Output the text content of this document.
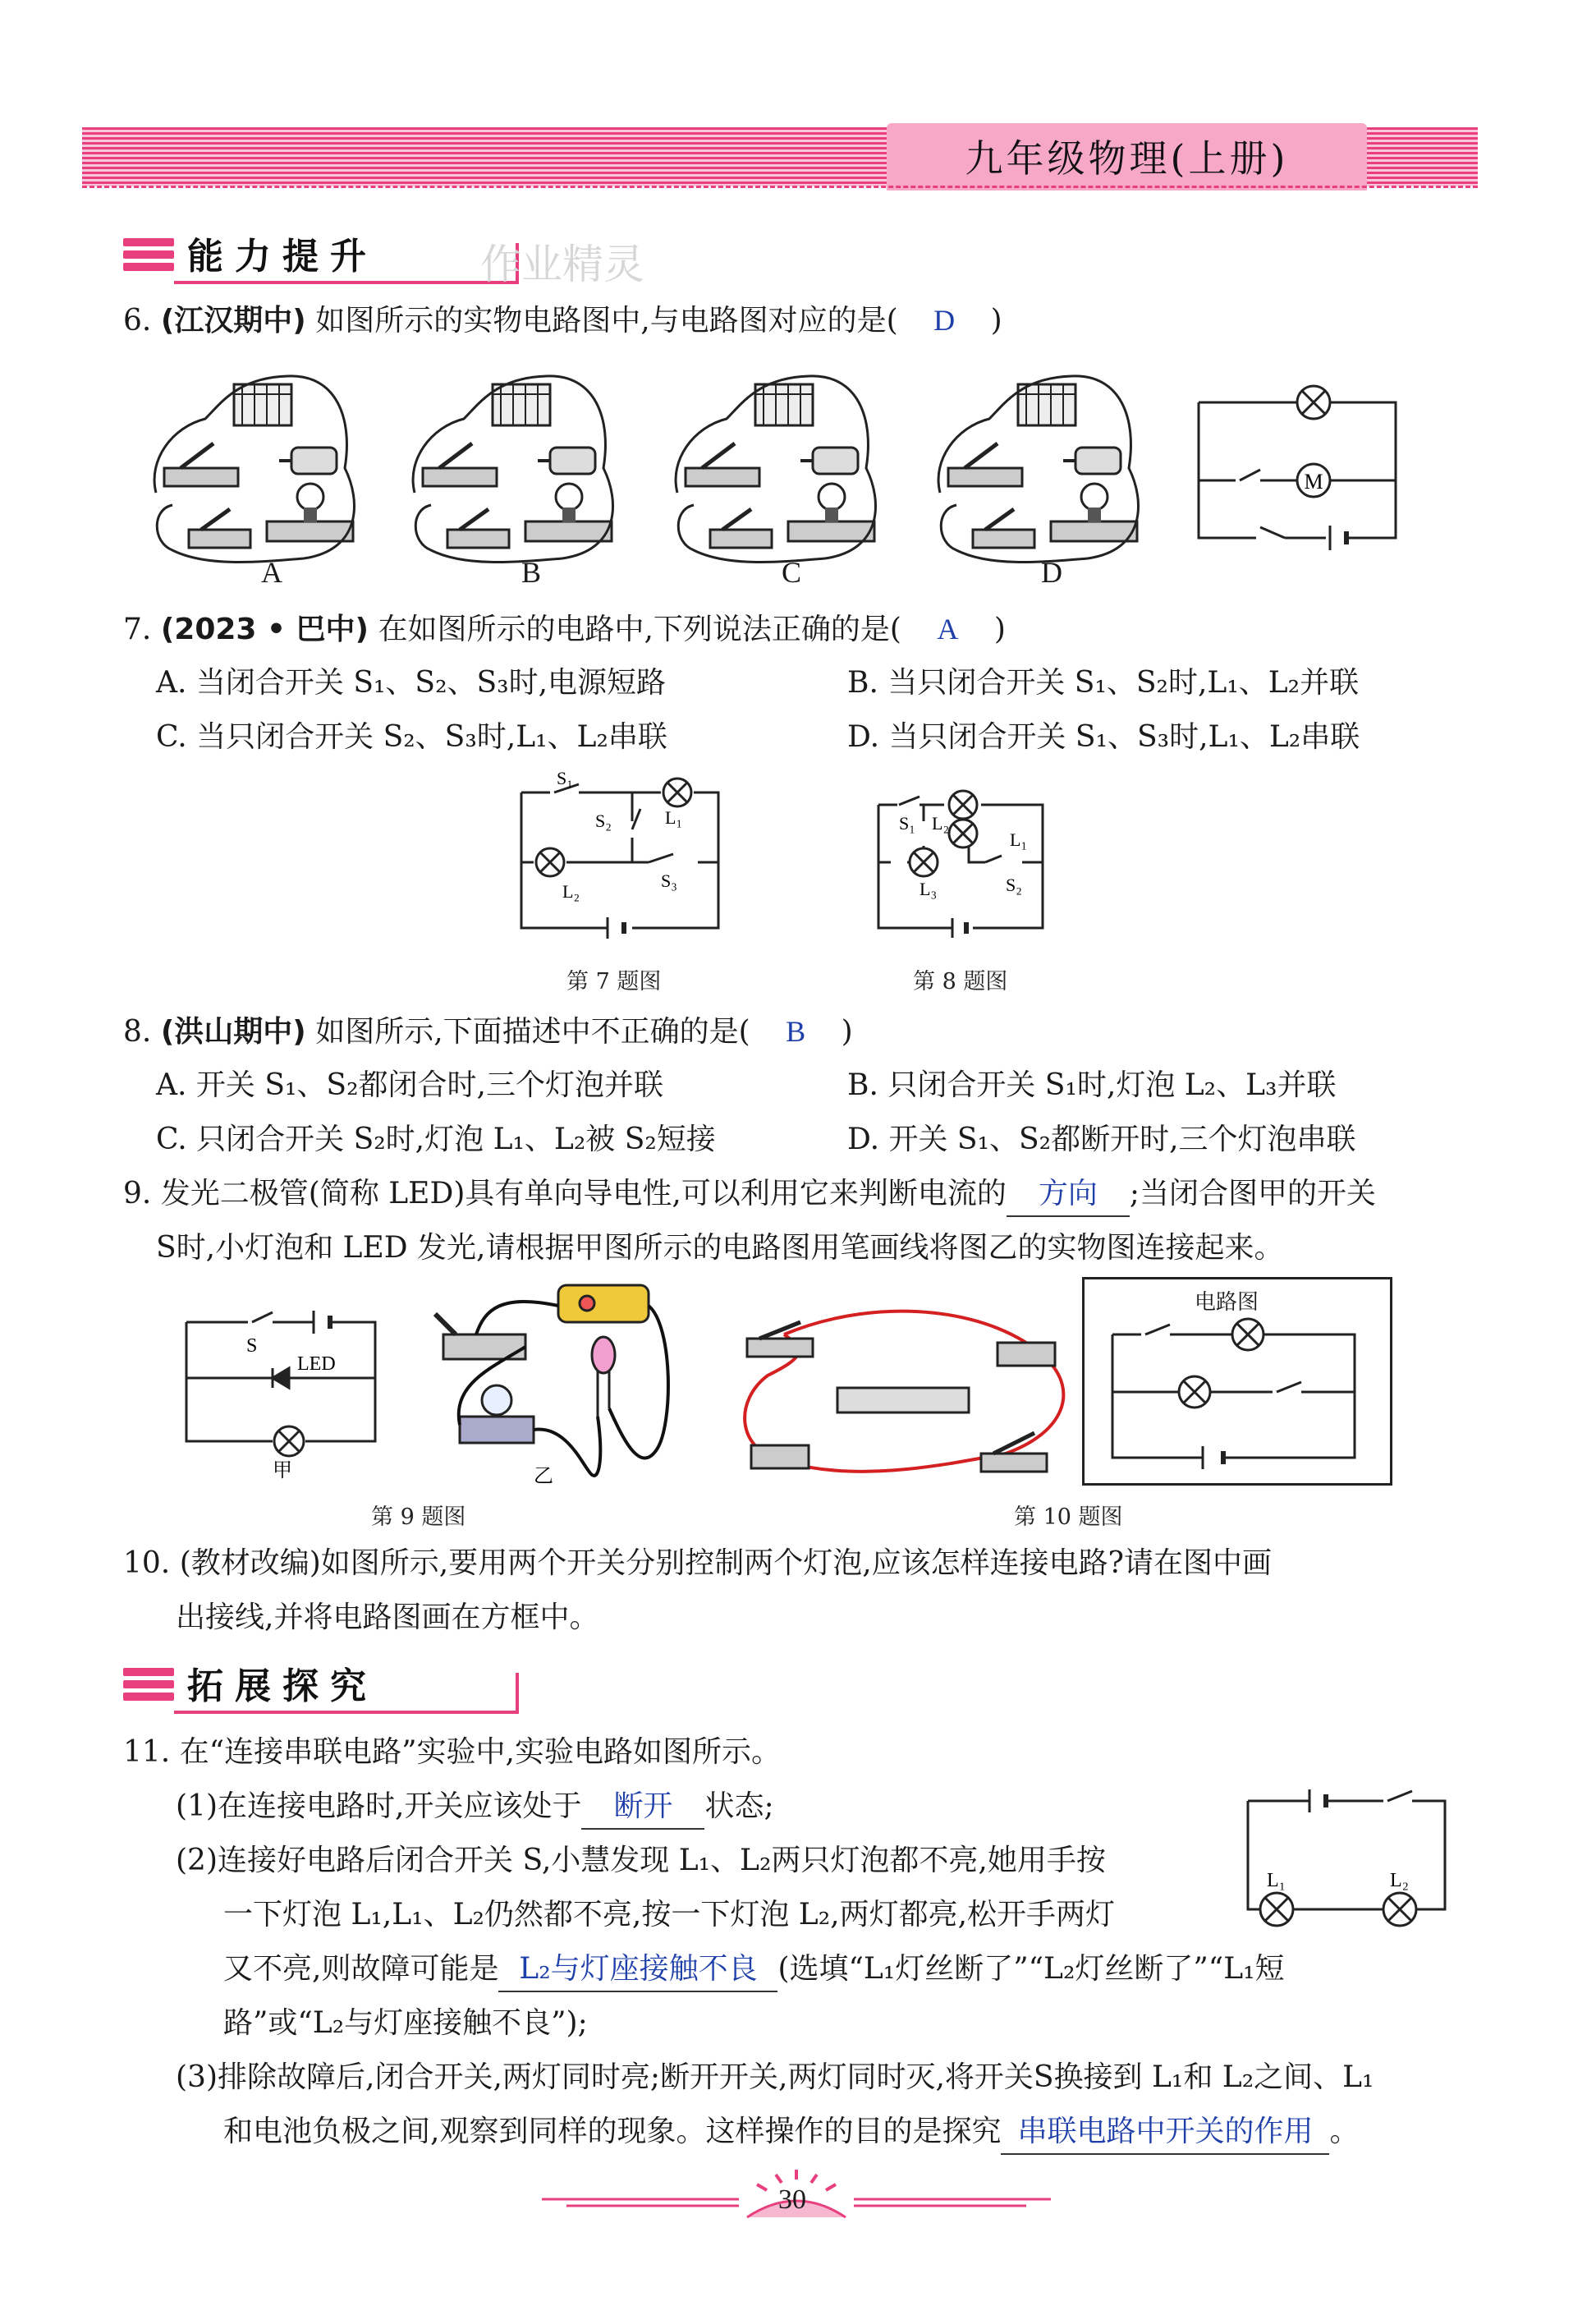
九年级物理(上册)
能力提升	作业精灵
6. (江汉期中) 如图所示的实物电路图中,与电路图对应的是( D )
A	B	C	D
M
7. (2023 • 巴中) 在如图所示的电路中,下列说法正确的是( A )
A. 当闭合开关 S₁、S₂、S₃时,电源短路	B. 当只闭合开关 S₁、S₂时,L₁、L₂并联
C. 当只闭合开关 S₂、S₃时,L₁、L₂串联	D. 当只闭合开关 S₁、S₃时,L₁、L₂串联
S₁
S₂	L₁
L₂
S₃
第 7 题图
S₁ L₂
L₁
L₃	S₂
第 8 题图
8. (洪山期中) 如图所示,下面描述中不正确的是( B )
A. 开关 S₁、S₂都闭合时,三个灯泡并联	B. 只闭合开关 S₁时,灯泡 L₂、L₃并联
C. 只闭合开关 S₂时,灯泡 L₁、L₂被 S₂短接	D. 开关 S₁、S₂都断开时,三个灯泡串联
9. 发光二极管(简称 LED)具有单向导电性,可以利用它来判断电流的 方向 ;当闭合图甲的开关
S时,小灯泡和 LED 发光,请根据甲图所示的电路图用笔画线将图乙的实物图连接起来。
S
LED
甲	乙
第 9 题图
电路图
第 10 题图
10. (教材改编)如图所示,要用两个开关分别控制两个灯泡,应该怎样连接电路?请在图中画
出接线,并将电路图画在方框中。
拓展探究
11. 在“连接串联电路”实验中,实验电路如图所示。
(1)在连接电路时,开关应该处于 断开 状态;
(2)连接好电路后闭合开关 S,小慧发现 L₁、L₂两只灯泡都不亮,她用手按
一下灯泡 L₁,L₁、L₂仍然都不亮,按一下灯泡 L₂,两灯都亮,松开手两灯
又不亮,则故障可能是 L₂与灯座接触不良 (选填“L₁灯丝断了”“L₂灯丝断了”“L₁短
路”或“L₂与灯座接触不良”);
(3)排除故障后,闭合开关,两灯同时亮;断开开关,两灯同时灭,将开关S换接到 L₁和 L₂之间、L₁
和电池负极之间,观察到同样的现象。这样操作的目的是探究 串联电路中开关的作用 。
L₁	L₂
30
